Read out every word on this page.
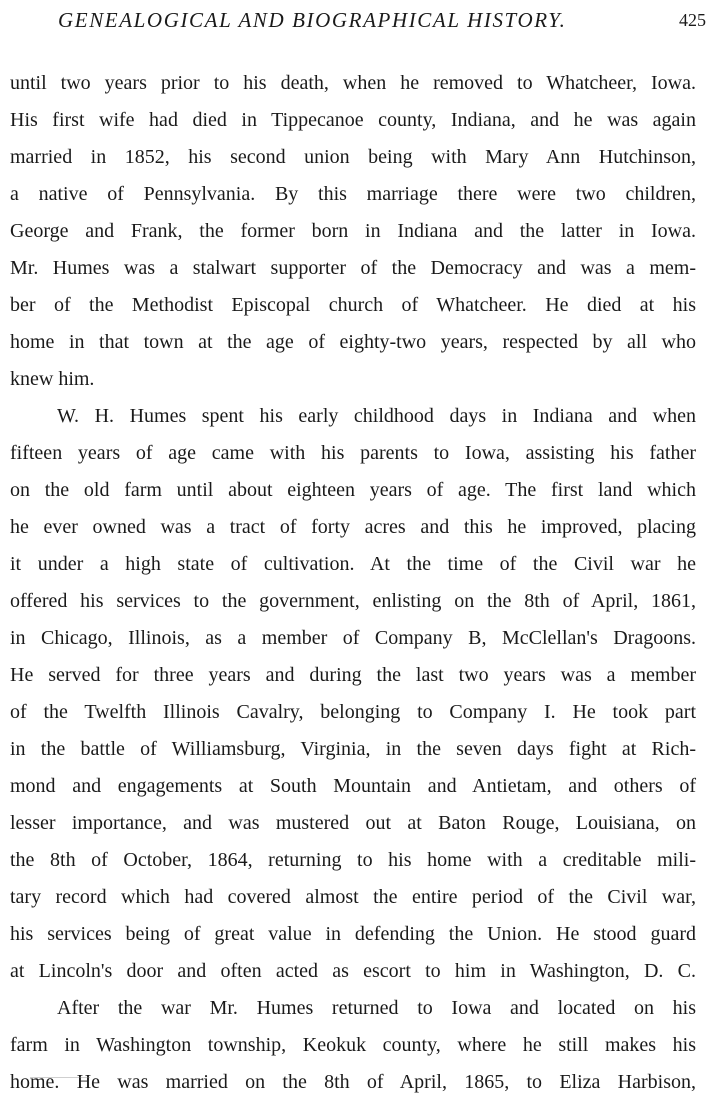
GENEALOGICAL AND BIOGRAPHICAL HISTORY.	425
until two years prior to his death, when he removed to Whatcheer, Iowa.
His first wife had died in Tippecanoe county, Indiana, and he was again
married in 1852, his second union being with Mary Ann Hutchinson,
a native of Pennsylvania. By this marriage there were two children,
George and Frank, the former born in Indiana and the latter in Iowa.
Mr. Humes was a stalwart supporter of the Democracy and was a mem-
ber of the Methodist Episcopal church of Whatcheer. He died at his
home in that town at the age of eighty-two years, respected by all who
knew him.
W. H. Humes spent his early childhood days in Indiana and when
fifteen years of age came with his parents to Iowa, assisting his father
on the old farm until about eighteen years of age. The first land which
he ever owned was a tract of forty acres and this he improved, placing
it under a high state of cultivation. At the time of the Civil war he
offered his services to the government, enlisting on the 8th of April, 1861,
in Chicago, Illinois, as a member of Company B, McClellan's Dragoons.
He served for three years and during the last two years was a member
of the Twelfth Illinois Cavalry, belonging to Company I. He took part
in the battle of Williamsburg, Virginia, in the seven days fight at Rich-
mond and engagements at South Mountain and Antietam, and others of
lesser importance, and was mustered out at Baton Rouge, Louisiana, on
the 8th of October, 1864, returning to his home with a creditable mili-
tary record which had covered almost the entire period of the Civil war,
his services being of great value in defending the Union. He stood guard
at Lincoln's door and often acted as escort to him in Washington, D. C.
After the war Mr. Humes returned to Iowa and located on his
farm in Washington township, Keokuk county, where he still makes his
home. He was married on the 8th of April, 1865, to Eliza Harbison,
